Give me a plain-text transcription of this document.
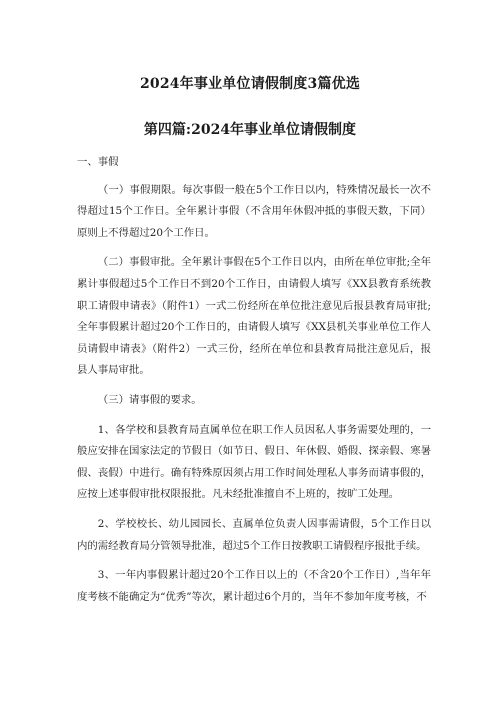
2024年事业单位请假制度3篇优选
第四篇:2024年事业单位请假制度

一、事假

（一）事假期限。每次事假一般在5个工作日以内，特殊情况最长一次不得超过15个工作日。全年累计事假（不含用年休假冲抵的事假天数，下同）原则上不得超过20个工作日。

（二）事假审批。全年累计事假在5个工作日以内，由所在单位审批;全年累计事假超过5个工作日不到20个工作日，由请假人填写《XX县教育系统教职工请假申请表》（附件1）一式二份经所在单位批注意见后报县教育局审批;全年事假累计超过20个工作日的，由请假人填写《XX县机关事业单位工作人员请假申请表》（附件2）一式三份，经所在单位和县教育局批注意见后，报县人事局审批。

（三）请事假的要求。

1、各学校和县教育局直属单位在职工作人员因私人事务需要处理的，一般应安排在国家法定的节假日（如节日、假日、年休假、婚假、探亲假、寒暑假、丧假）中进行。确有特殊原因须占用工作时间处理私人事务而请事假的，应按上述事假审批权限报批。凡未经批准擅自不上班的，按旷工处理。

2、学校校长、幼儿园园长、直属单位负责人因事需请假，5个工作日以内的需经教育局分管领导批准，超过5个工作日按教职工请假程序报批手续。

3、一年内事假累计超过20个工作日以上的（不含20个工作日）,当年年度考核不能确定为“优秀”等次，累计超过6个月的，当年不参加年度考核，不
